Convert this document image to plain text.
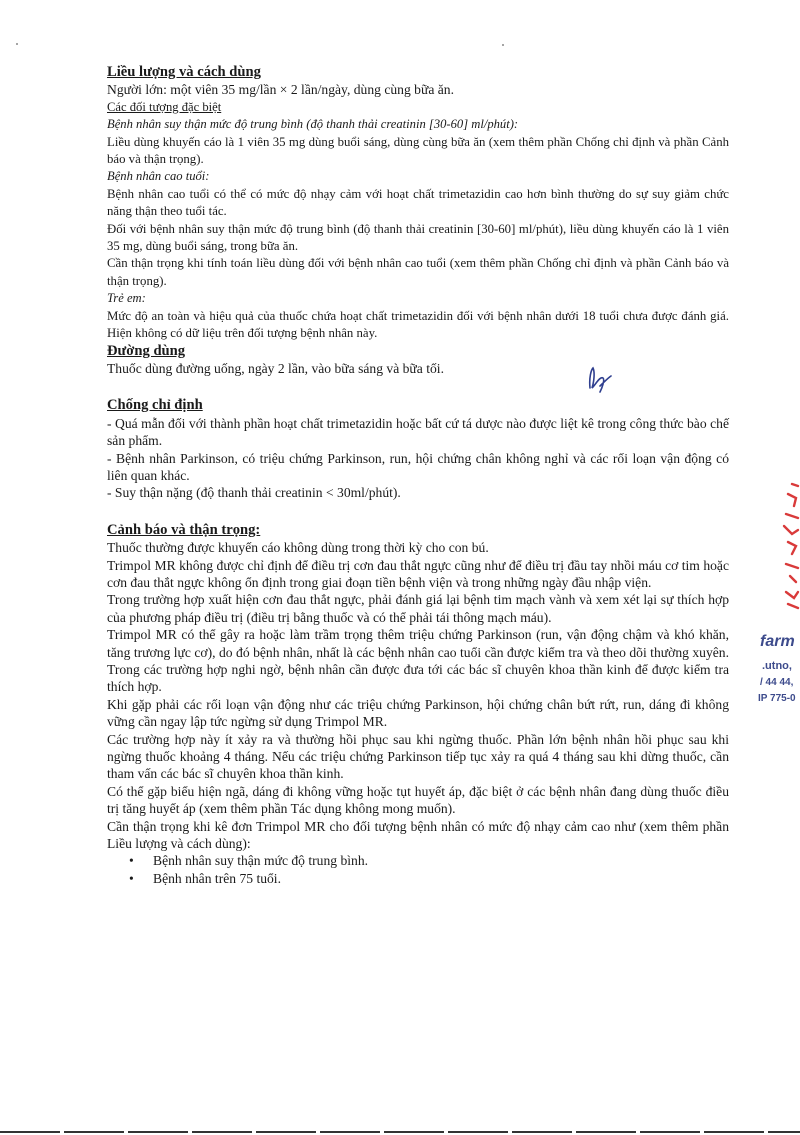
Liều lượng và cách dùng

Người lớn: một viên 35 mg/lần × 2 lần/ngày, dùng cùng bữa ăn.

Các đối tượng đặc biệt

Bệnh nhân suy thận mức độ trung bình (độ thanh thải creatinin [30-60] ml/phút):

Liều dùng khuyến cáo là 1 viên 35 mg dùng buổi sáng, dùng cùng bữa ăn (xem thêm phần Chống chỉ định và phần Cảnh báo và thận trọng).

Bệnh nhân cao tuổi:

Bệnh nhân cao tuổi có thể có mức độ nhạy cảm với hoạt chất trimetazidin cao hơn bình thường do sự suy giảm chức năng thận theo tuổi tác.

Đối với bệnh nhân suy thận mức độ trung bình (độ thanh thải creatinin [30-60] ml/phút), liều dùng khuyến cáo là 1 viên 35 mg, dùng buổi sáng, trong bữa ăn.

Cần thận trọng khi tính toán liều dùng đối với bệnh nhân cao tuổi (xem thêm phần Chống chỉ định và phần Cảnh báo và thận trọng).

Trẻ em:

Mức độ an toàn và hiệu quả của thuốc chứa hoạt chất trimetazidin đối với bệnh nhân dưới 18 tuổi chưa được đánh giá. Hiện không có dữ liệu trên đối tượng bệnh nhân này.

Đường dùng

Thuốc dùng đường uống, ngày 2 lần, vào bữa sáng và bữa tối.

Chống chỉ định

- Quá mẫn đối với thành phần hoạt chất trimetazidin hoặc bất cứ tá dược nào được liệt kê trong công thức bào chế sản phẩm.

- Bệnh nhân Parkinson, có triệu chứng Parkinson, run, hội chứng chân không nghỉ và các rối loạn vận động có liên quan khác.

- Suy thận nặng (độ thanh thải creatinin < 30ml/phút).

Cảnh báo và thận trọng:

Thuốc thường được khuyến cáo không dùng trong thời kỳ cho con bú.

Trimpol MR không được chỉ định để điều trị cơn đau thắt ngực cũng như để điều trị đầu tay nhồi máu cơ tim hoặc cơn đau thắt ngực không ổn định trong giai đoạn tiền bệnh viện và trong những ngày đầu nhập viện.

Trong trường hợp xuất hiện cơn đau thắt ngực, phải đánh giá lại bệnh tim mạch vành và xem xét lại sự thích hợp của phương pháp điều trị (điều trị bằng thuốc và có thể phải tái thông mạch máu).

Trimpol MR có thể gây ra hoặc làm trầm trọng thêm triệu chứng Parkinson (run, vận động chậm và khó khăn, tăng trương lực cơ), do đó bệnh nhân, nhất là các bệnh nhân cao tuổi cần được kiểm tra và theo dõi thường xuyên. Trong các trường hợp nghi ngờ, bệnh nhân cần được đưa tới các bác sĩ chuyên khoa thần kinh để được kiểm tra thích hợp.

Khi gặp phải các rối loạn vận động như các triệu chứng Parkinson, hội chứng chân bứt rứt, run, dáng đi không vững cần ngay lập tức ngừng sử dụng Trimpol MR.

Các trường hợp này ít xảy ra và thường hồi phục sau khi ngừng thuốc. Phần lớn bệnh nhân hồi phục sau khi ngừng thuốc khoảng 4 tháng. Nếu các triệu chứng Parkinson tiếp tục xảy ra quá 4 tháng sau khi dừng thuốc, cần tham vấn các bác sĩ chuyên khoa thần kinh.

Có thể gặp biểu hiện ngã, dáng đi không vững hoặc tụt huyết áp, đặc biệt ở các bệnh nhân đang dùng thuốc điều trị tăng huyết áp (xem thêm phần Tác dụng không mong muốn).

Cần thận trọng khi kê đơn Trimpol MR cho đối tượng bệnh nhân có mức độ nhạy cảm cao như (xem thêm phần Liều lượng và cách dùng):

• Bệnh nhân suy thận mức độ trung bình.
• Bệnh nhân trên 75 tuổi.
farm
.utno,
/ 44 44,
IP 775-0
